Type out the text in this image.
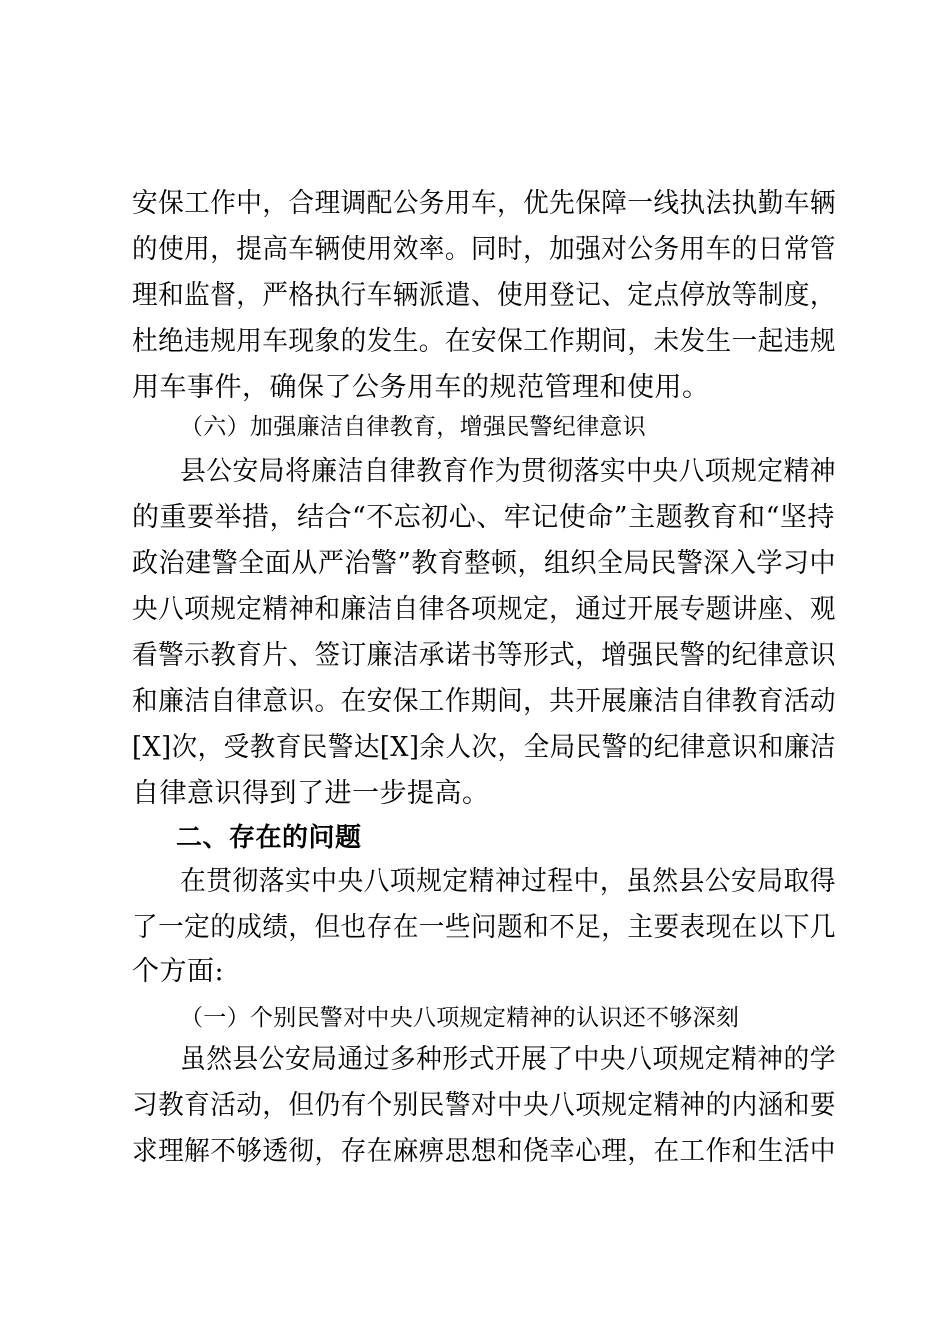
安保工作中，合理调配公务用车，优先保障一线执法执勤车辆
的使用，提高车辆使用效率。同时，加强对公务用车的日常管
理和监督，严格执行车辆派遣、使用登记、定点停放等制度，
杜绝违规用车现象的发生。在安保工作期间，未发生一起违规
用车事件，确保了公务用车的规范管理和使用。
（六）加强廉洁自律教育，增强民警纪律意识
县公安局将廉洁自律教育作为贯彻落实中央八项规定精神
的重要举措，结合“不忘初心、牢记使命”主题教育和“坚持
政治建警全面从严治警”教育整顿，组织全局民警深入学习中
央八项规定精神和廉洁自律各项规定，通过开展专题讲座、观
看警示教育片、签订廉洁承诺书等形式，增强民警的纪律意识
和廉洁自律意识。在安保工作期间，共开展廉洁自律教育活动
[X]次，受教育民警达[X]余人次，全局民警的纪律意识和廉洁
自律意识得到了进一步提高。
二、存在的问题
在贯彻落实中央八项规定精神过程中，虽然县公安局取得
了一定的成绩，但也存在一些问题和不足，主要表现在以下几
个方面:
（一）个别民警对中央八项规定精神的认识还不够深刻
虽然县公安局通过多种形式开展了中央八项规定精神的学
习教育活动，但仍有个别民警对中央八项规定精神的内涵和要
求理解不够透彻，存在麻痹思想和侥幸心理，在工作和生活中
